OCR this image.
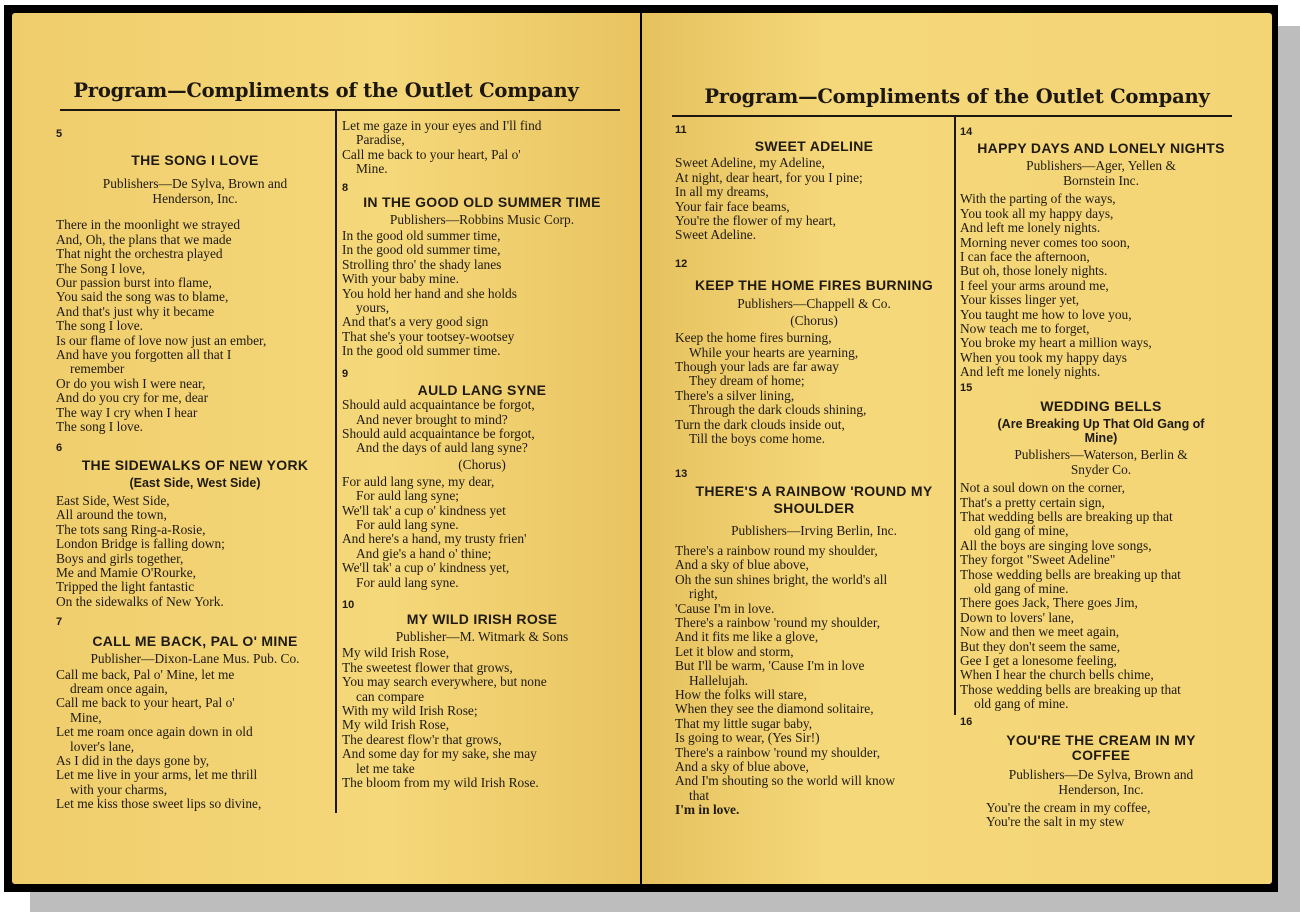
Program—Compliments of the Outlet Company
5
THE SONG I LOVE
Publishers—De Sylva, Brown and
Henderson, Inc.
There in the moonlight we strayed
And, Oh, the plans that we made
That night the orchestra played
The Song I love,
Our passion burst into flame,
You said the song was to blame,
And that's just why it became
The song I love.
Is our flame of love now just an ember,
And have you forgotten all that I
remember
Or do you wish I were near,
And do you cry for me, dear
The way I cry when I hear
The song I love.
6
THE SIDEWALKS OF NEW YORK
(East Side, West Side)
East Side, West Side,
All around the town,
The tots sang Ring-a-Rosie,
London Bridge is falling down;
Boys and girls together,
Me and Mamie O'Rourke,
Tripped the light fantastic
On the sidewalks of New York.
7
CALL ME BACK, PAL O' MINE
Publisher—Dixon-Lane Mus. Pub. Co.
Call me back, Pal o' Mine, let me
dream once again,
Call me back to your heart, Pal o'
Mine,
Let me roam once again down in old
lover's lane,
As I did in the days gone by,
Let me live in your arms, let me thrill
with your charms,
Let me kiss those sweet lips so divine,
Let me gaze in your eyes and I'll find
Paradise,
Call me back to your heart, Pal o'
Mine.
8
IN THE GOOD OLD SUMMER TIME
Publishers—Robbins Music Corp.
In the good old summer time,
In the good old summer time,
Strolling thro' the shady lanes
With your baby mine.
You hold her hand and she holds
yours,
And that's a very good sign
That she's your tootsey-wootsey
In the good old summer time.
9
AULD LANG SYNE
Should auld acquaintance be forgot,
And never brought to mind?
Should auld acquaintance be forgot,
And the days of auld lang syne?
(Chorus)
For auld lang syne, my dear,
For auld lang syne;
We'll tak' a cup o' kindness yet
For auld lang syne.
And here's a hand, my trusty frien'
And gie's a hand o' thine;
We'll tak' a cup o' kindness yet,
For auld lang syne.
10
MY WILD IRISH ROSE
Publisher—M. Witmark & Sons
My wild Irish Rose,
The sweetest flower that grows,
You may search everywhere, but none
can compare
With my wild Irish Rose;
My wild Irish Rose,
The dearest flow'r that grows,
And some day for my sake, she may
let me take
The bloom from my wild Irish Rose.
Program—Compliments of the Outlet Company
11
SWEET ADELINE
Sweet Adeline, my Adeline,
At night, dear heart, for you I pine;
In all my dreams,
Your fair face beams,
You're the flower of my heart,
Sweet Adeline.
12
KEEP THE HOME FIRES BURNING
Publishers—Chappell & Co.
(Chorus)
Keep the home fires burning,
While your hearts are yearning,
Though your lads are far away
They dream of home;
There's a silver lining,
Through the dark clouds shining,
Turn the dark clouds inside out,
Till the boys come home.
13
THERE'S A RAINBOW 'ROUND MY SHOULDER
Publishers—Irving Berlin, Inc.
There's a rainbow round my shoulder,
And a sky of blue above,
Oh the sun shines bright, the world's all
right,
'Cause I'm in love.
There's a rainbow 'round my shoulder,
And it fits me like a glove,
Let it blow and storm,
But I'll be warm, 'Cause I'm in love
Hallelujah.
How the folks will stare,
When they see the diamond solitaire,
That my little sugar baby,
Is going to wear, (Yes Sir!)
There's a rainbow 'round my shoulder,
And a sky of blue above,
And I'm shouting so the world will know
that
I'm in love.
14
HAPPY DAYS AND LONELY NIGHTS
Publishers—Ager, Yellen &
Bornstein Inc.
With the parting of the ways,
You took all my happy days,
And left me lonely nights.
Morning never comes too soon,
I can face the afternoon,
But oh, those lonely nights.
I feel your arms around me,
Your kisses linger yet,
You taught me how to love you,
Now teach me to forget,
You broke my heart a million ways,
When you took my happy days
And left me lonely nights.
15
WEDDING BELLS
(Are Breaking Up That Old Gang of Mine)
Publishers—Waterson, Berlin &
Snyder Co.
Not a soul down on the corner,
That's a pretty certain sign,
That wedding bells are breaking up that
old gang of mine,
All the boys are singing love songs,
They forgot "Sweet Adeline"
Those wedding bells are breaking up that
old gang of mine.
There goes Jack, There goes Jim,
Down to lovers' lane,
Now and then we meet again,
But they don't seem the same,
Gee I get a lonesome feeling,
When I hear the church bells chime,
Those wedding bells are breaking up that
old gang of mine.
16
YOU'RE THE CREAM IN MY COFFEE
Publishers—De Sylva, Brown and
Henderson, Inc.
You're the cream in my coffee,
You're the salt in my stew
